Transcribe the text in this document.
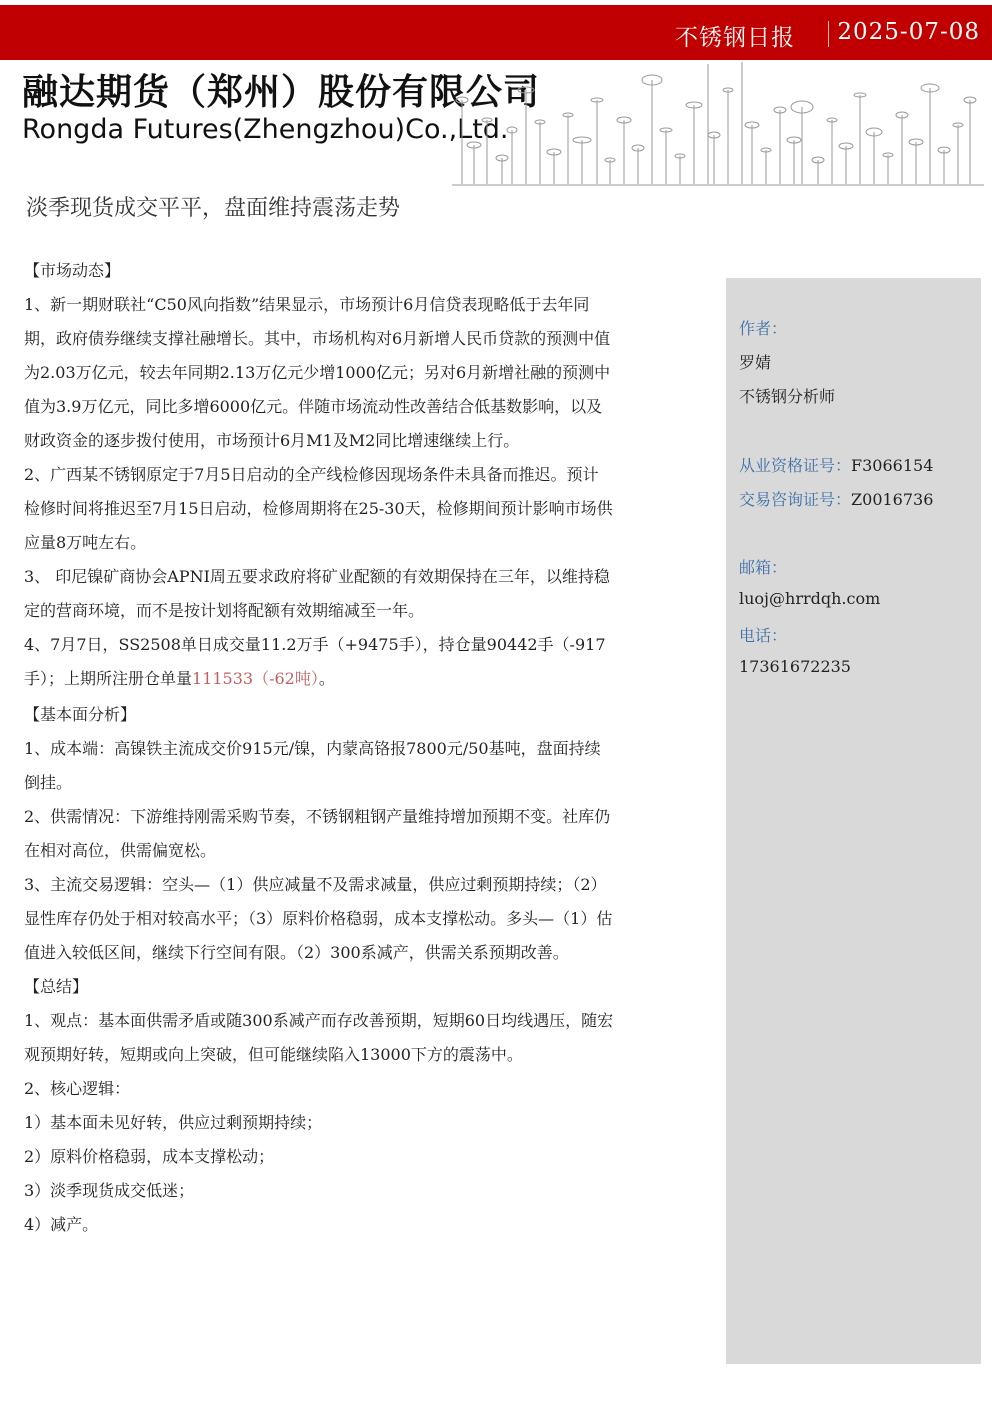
不锈钢日报 2025-07-08
融达期货（郑州）股份有限公司
Rongda Futures(Zhengzhou)Co.,Ltd.
淡季现货成交平平，盘面维持震荡走势

【市场动态】

1、新一期财联社“C50风向指数”结果显示，市场预计6月信贷表现略低于去年同期，政府债券继续支撑社融增长。其中，市场机构对6月新增人民币贷款的预测中值为2.03万亿元，较去年同期2.13万亿元少增1000亿元；另对6月新增社融的预测中值为3.9万亿元，同比多增6000亿元。伴随市场流动性改善结合低基数影响，以及财政资金的逐步拨付使用，市场预计6月M1及M2同比增速继续上行。

2、广西某不锈钢原定于7月5日启动的全产线检修因现场条件未具备而推迟。预计检修时间将推迟至7月15日启动，检修周期将在25-30天，检修期间预计影响市场供应量8万吨左右。

3、 印尼镍矿商协会APNI周五要求政府将矿业配额的有效期保持在三年，以维持稳定的营商环境，而不是按计划将配额有效期缩减至一年。

4、7月7日，SS2508单日成交量11.2万手（+9475手），持仓量90442手（-917手）；上期所注册仓单量111533（-62吨）。

【基本面分析】

1、成本端：高镍铁主流成交价915元/镍，内蒙高铬报7800元/50基吨，盘面持续倒挂。

2、供需情况：下游维持刚需采购节奏，不锈钢粗钢产量维持增加预期不变。社库仍在相对高位，供需偏宽松。

3、主流交易逻辑：空头—（1）供应减量不及需求减量，供应过剩预期持续；（2）显性库存仍处于相对较高水平；（3）原料价格稳弱，成本支撑松动。多头—（1）估值进入较低区间，继续下行空间有限。（2）300系减产，供需关系预期改善。

【总结】

1、观点：基本面供需矛盾或随300系减产而存改善预期，短期60日均线遇压，随宏观预期好转，短期或向上突破，但可能继续陷入13000下方的震荡中。

2、核心逻辑：

1）基本面未见好转，供应过剩预期持续；

2）原料价格稳弱，成本支撑松动；

3）淡季现货成交低迷；

4）减产。

作者：
罗婧
不锈钢分析师
从业资格证号：F3066154
交易咨询证号：Z0016736
邮箱：
luoj@hrrdqh.com
电话：
17361672235
